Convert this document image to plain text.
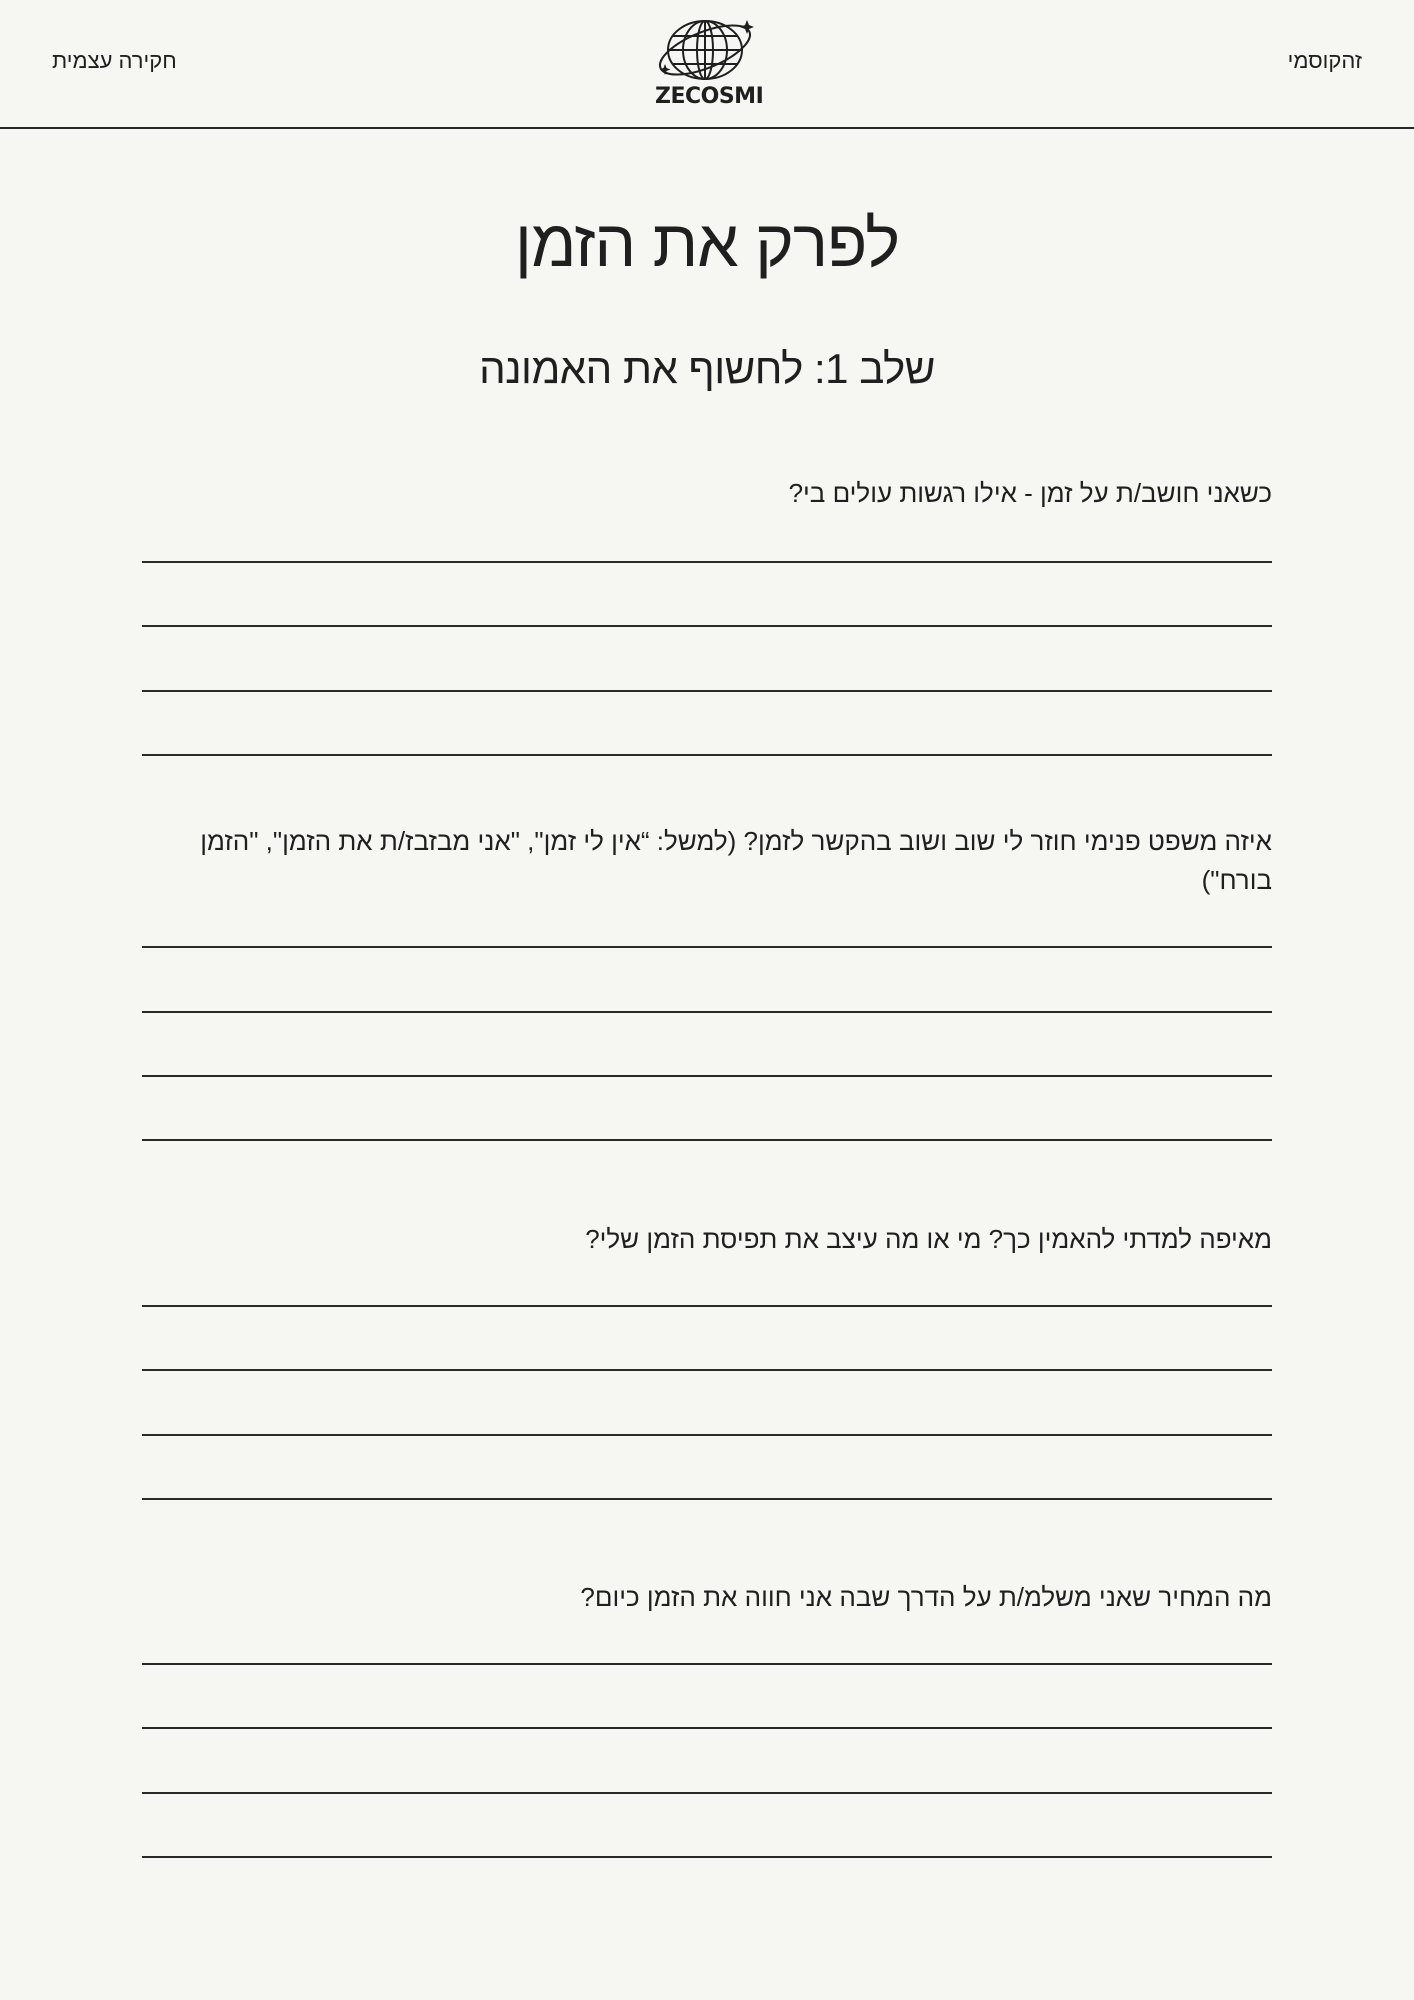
זהקוסמי
ZECOSMI
חקירה עצמית
לפרק את הזמן
שלב 1: לחשוף את האמונה
כשאני חושב/ת על זמן - אילו רגשות עולים בי?
איזה משפט פנימי חוזר לי שוב ושוב בהקשר לזמן? (למשל: “אין לי זמן", "אני מבזבז/ת את הזמן", "הזמן בורח")
מאיפה למדתי להאמין כך? מי או מה עיצב את תפיסת הזמן שלי?
מה המחיר שאני משלמ/ת על הדרך שבה אני חווה את הזמן כיום?
